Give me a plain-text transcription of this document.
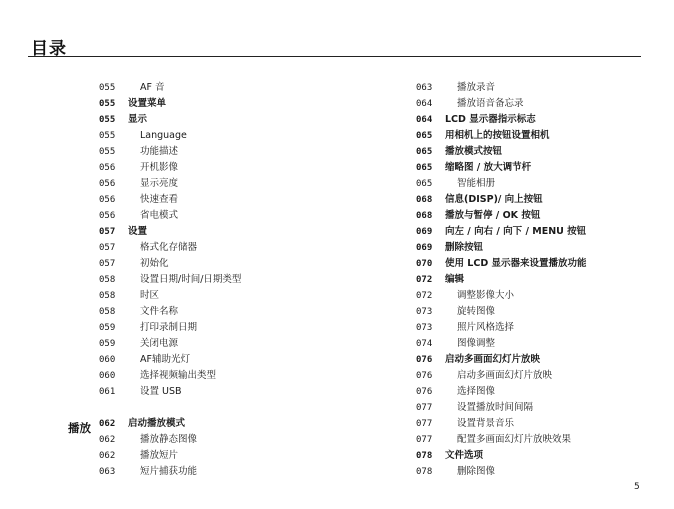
目录
播放
055	AF 音
055 设置菜单
055 显示
055	Language
055	功能描述
056	开机影像
056	显示亮度
056	快速查看
056	省电模式
057 设置
057	格式化存储器
057	初始化
058	设置日期/时间/日期类型
058	时区
058	文件名称
059	打印录制日期
059	关闭电源
060	AF辅助光灯
060	选择视频输出类型
061	设置 USB
062 启动播放模式
062	播放静态图像
062	播放短片
063	短片捕获功能
063	播放录音
064	播放语音备忘录
064 LCD 显示器指示标志
065 用相机上的按钮设置相机
065 播放模式按钮
065 缩略图 / 放大调节杆
065	智能相册
068 信息(DISP)/ 向上按钮
068 播放与暂停 / OK 按钮
069 向左 / 向右 / 向下 / MENU 按钮
069 删除按钮
070 使用 LCD 显示器来设置播放功能
072 编辑
072	调整影像大小
073	旋转图像
073	照片风格选择
074	图像调整
076 启动多画面幻灯片放映
076	启动多画面幻灯片放映
076	选择图像
077	设置播放时间间隔
077	设置背景音乐
077	配置多画面幻灯片放映效果
078 文件选项
078	删除图像
5
